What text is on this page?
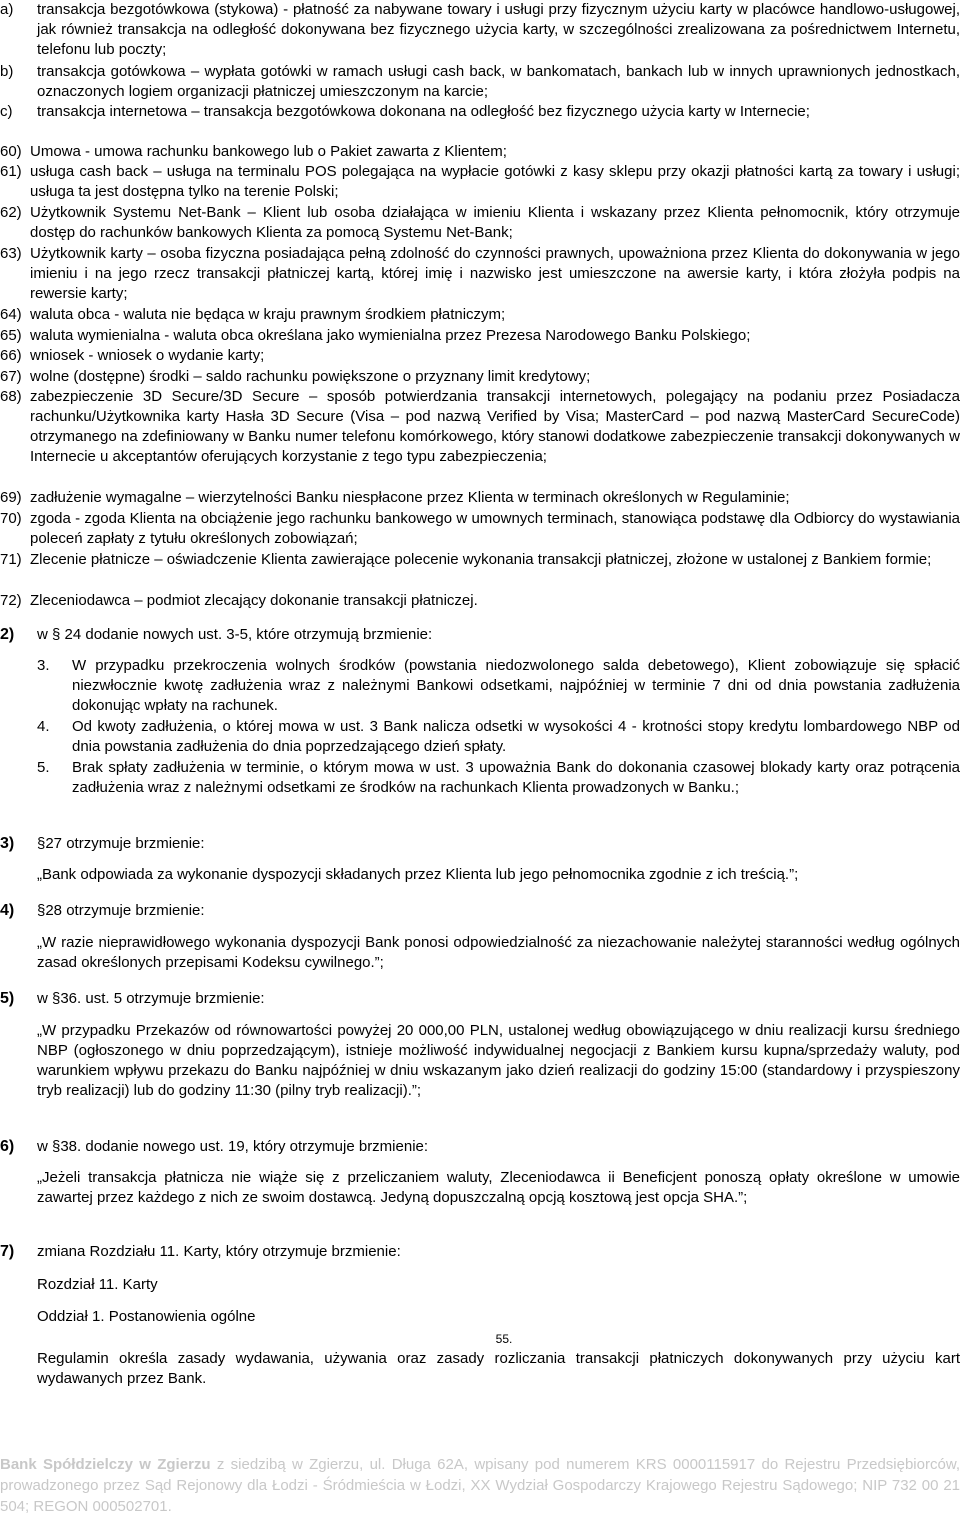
a)	transakcja bezgotówkowa (stykowa) - płatność za nabywane towary i usługi przy fizycznym użyciu karty w placówce handlowo-usługowej, jak również transakcja na odległość dokonywana bez fizycznego użycia karty, w szczególności zrealizowana za pośrednictwem Internetu, telefonu lub poczty;
b)	transakcja gotówkowa – wypłata gotówki w ramach usługi cash back, w bankomatach, bankach lub w innych uprawnionych jednostkach, oznaczonych logiem organizacji płatniczej umieszczonym na karcie;
c)	transakcja internetowa – transakcja bezgotówkowa dokonana na odległość bez fizycznego użycia karty w Internecie;
60) Umowa - umowa rachunku bankowego lub o Pakiet zawarta z Klientem;
61) usługa cash back – usługa na terminalu POS polegająca na wypłacie gotówki z kasy sklepu przy okazji płatności kartą za towary i usługi; usługa ta jest dostępna tylko na terenie Polski;
62) Użytkownik Systemu Net-Bank – Klient lub osoba działająca w imieniu Klienta i wskazany przez Klienta pełnomocnik, który otrzymuje dostęp do rachunków bankowych Klienta za pomocą Systemu Net-Bank;
63) Użytkownik karty – osoba fizyczna posiadająca pełną zdolność do czynności prawnych, upoważniona przez Klienta do dokonywania w jego imieniu i na jego rzecz transakcji płatniczej kartą, której imię i nazwisko jest umieszczone na awersie karty, i która złożyła podpis na rewersie karty;
64) waluta obca - waluta nie będąca w kraju prawnym środkiem płatniczym;
65) waluta wymienialna - waluta obca określana jako wymienialna przez Prezesa Narodowego Banku Polskiego;
66) wniosek - wniosek o wydanie karty;
67) wolne (dostępne) środki – saldo rachunku powiększone o przyznany limit kredytowy;
68) zabezpieczenie 3D Secure/3D Secure – sposób potwierdzania transakcji internetowych, polegający na podaniu przez Posiadacza rachunku/Użytkownika karty Hasła 3D Secure (Visa – pod nazwą Verified by Visa; MasterCard – pod nazwą MasterCard SecureCode) otrzymanego na zdefiniowany w Banku numer telefonu komórkowego, który stanowi dodatkowe zabezpieczenie transakcji dokonywanych w Internecie u akceptantów oferujących korzystanie z tego typu zabezpieczenia;
69) zadłużenie wymagalne – wierzytelności Banku niespłacone przez Klienta w terminach określonych w Regulaminie;
70) zgoda - zgoda Klienta na obciążenie jego rachunku bankowego w umownych terminach, stanowiąca podstawę dla Odbiorcy do wystawiania poleceń zapłaty z tytułu określonych zobowiązań;
71) Zlecenie płatnicze – oświadczenie Klienta zawierające polecenie wykonania transakcji płatniczej, złożone w ustalonej z Bankiem formie;
72) Zleceniodawca – podmiot zlecający dokonanie transakcji płatniczej.
2) w § 24 dodanie nowych ust. 3-5, które otrzymują brzmienie:
3. W przypadku przekroczenia wolnych środków (powstania niedozwolonego salda debetowego), Klient zobowiązuje się spłacić niezwłocznie kwotę zadłużenia wraz z należnymi Bankowi odsetkami, najpóźniej w terminie 7 dni od dnia powstania zadłużenia dokonując wpłaty na rachunek.
4. Od kwoty zadłużenia, o której mowa w ust. 3 Bank nalicza odsetki w wysokości 4 - krotności stopy kredytu lombardowego NBP od dnia powstania zadłużenia do dnia poprzedzającego dzień spłaty.
5. Brak spłaty zadłużenia w terminie, o którym mowa w ust. 3 upoważnia Bank do dokonania czasowej blokady karty oraz potrącenia zadłużenia wraz z należnymi odsetkami ze środków na rachunkach Klienta prowadzonych w Banku.;
3) §27 otrzymuje brzmienie:
„Bank odpowiada za wykonanie dyspozycji składanych przez Klienta lub jego pełnomocnika zgodnie z ich treścią.”;
4) §28 otrzymuje brzmienie:
„W razie nieprawidłowego wykonania dyspozycji Bank ponosi odpowiedzialność za niezachowanie należytej staranności według ogólnych zasad określonych przepisami Kodeksu cywilnego.”;
5) w §36. ust. 5 otrzymuje brzmienie:
„W przypadku Przekazów od równowartości powyżej 20 000,00 PLN, ustalonej według obowiązującego w dniu realizacji kursu średniego NBP (ogłoszonego w dniu poprzedzającym), istnieje możliwość indywidualnej negocjacji z Bankiem kursu kupna/sprzedaży waluty, pod warunkiem wpływu przekazu do Banku najpóźniej w dniu wskazanym jako dzień realizacji do godziny 15:00 (standardowy i przyspieszony tryb realizacji) lub do godziny 11:30 (pilny tryb realizacji).”;
6) w §38. dodanie nowego ust. 19, który otrzymuje brzmienie:
„Jeżeli transakcja płatnicza nie wiąże się z przeliczaniem waluty, Zleceniodawca ii Beneficjent ponoszą opłaty określone w umowie zawartej przez każdego z nich ze swoim dostawcą. Jedyną dopuszczalną opcją kosztową jest opcja SHA.”;
7) zmiana Rozdziału 11. Karty, który otrzymuje brzmienie:
Rozdział 11. Karty
Oddział 1. Postanowienia ogólne
55.
Regulamin określa zasady wydawania, używania oraz zasady rozliczania transakcji płatniczych dokonywanych przy użyciu kart wydawanych przez Bank.
Bank Spółdzielczy w Zgierzu z siedzibą w Zgierzu, ul. Długa 62A, wpisany pod numerem KRS 0000115917 do Rejestru Przedsiębiorców, prowadzonego przez Sąd Rejonowy dla Łodzi - Śródmieścia w Łodzi, XX Wydział Gospodarczy Krajowego Rejestru Sądowego; NIP 732 00 21 504; REGON 000502701.
